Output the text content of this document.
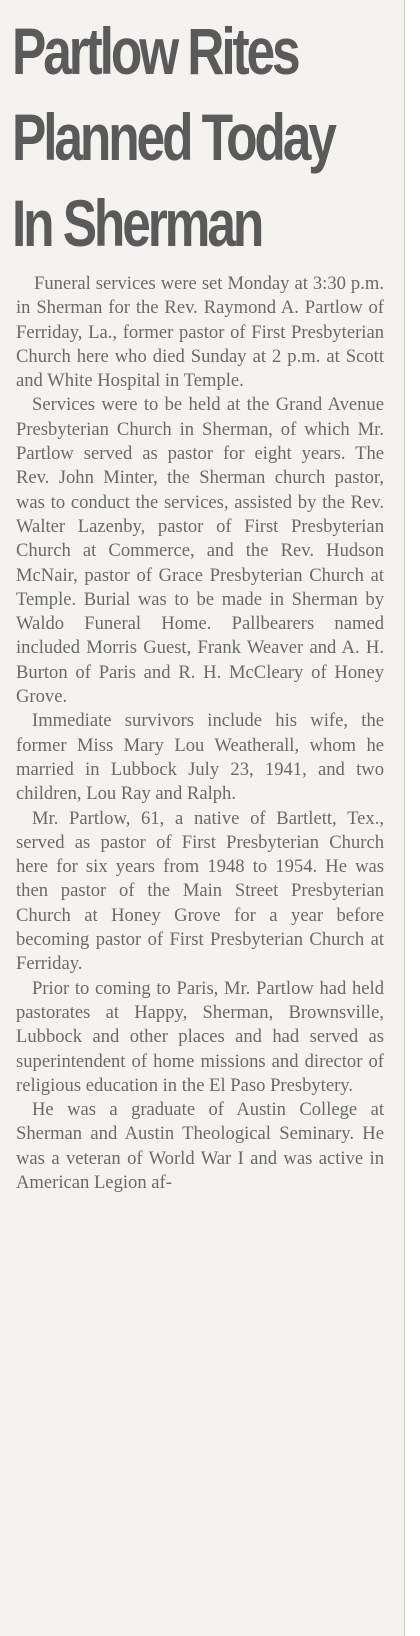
Partlow Rites
Planned Today
In Sherman

Funeral services were set Monday at 3:30 p.m. in Sherman for the Rev. Raymond A. Partlow of Ferriday, La., former pastor of First Presbyterian Church here who died Sunday at 2 p.m. at Scott and White Hospital in Temple.

Services were to be held at the Grand Avenue Presbyterian Church in Sherman, of which Mr. Partlow served as pastor for eight years. The Rev. John Minter, the Sherman church pastor, was to conduct the services, assisted by the Rev. Walter Lazenby, pastor of First Presbyterian Church at Commerce, and the Rev. Hudson McNair, pastor of Grace Presbyterian Church at Temple. Burial was to be made in Sherman by Waldo Funeral Home. Pallbearers named included Morris Guest, Frank Weaver and A. H. Burton of Paris and R. H. McCleary of Honey Grove.

Immediate survivors include his wife, the former Miss Mary Lou Weatherall, whom he married in Lubbock July 23, 1941, and two children, Lou Ray and Ralph.

Mr. Partlow, 61, a native of Bartlett, Tex., served as pastor of First Presbyterian Church here for six years from 1948 to 1954. He was then pastor of the Main Street Presbyterian Church at Honey Grove for a year before becoming pastor of First Presbyterian Church at Ferriday.

Prior to coming to Paris, Mr. Partlow had held pastorates at Happy, Sherman, Brownsville, Lubbock and other places and had served as superintendent of home missions and director of religious education in the El Paso Presbytery.

He was a graduate of Austin College at Sherman and Austin Theological Seminary. He was a veteran of World War I and was active in American Legion af-
